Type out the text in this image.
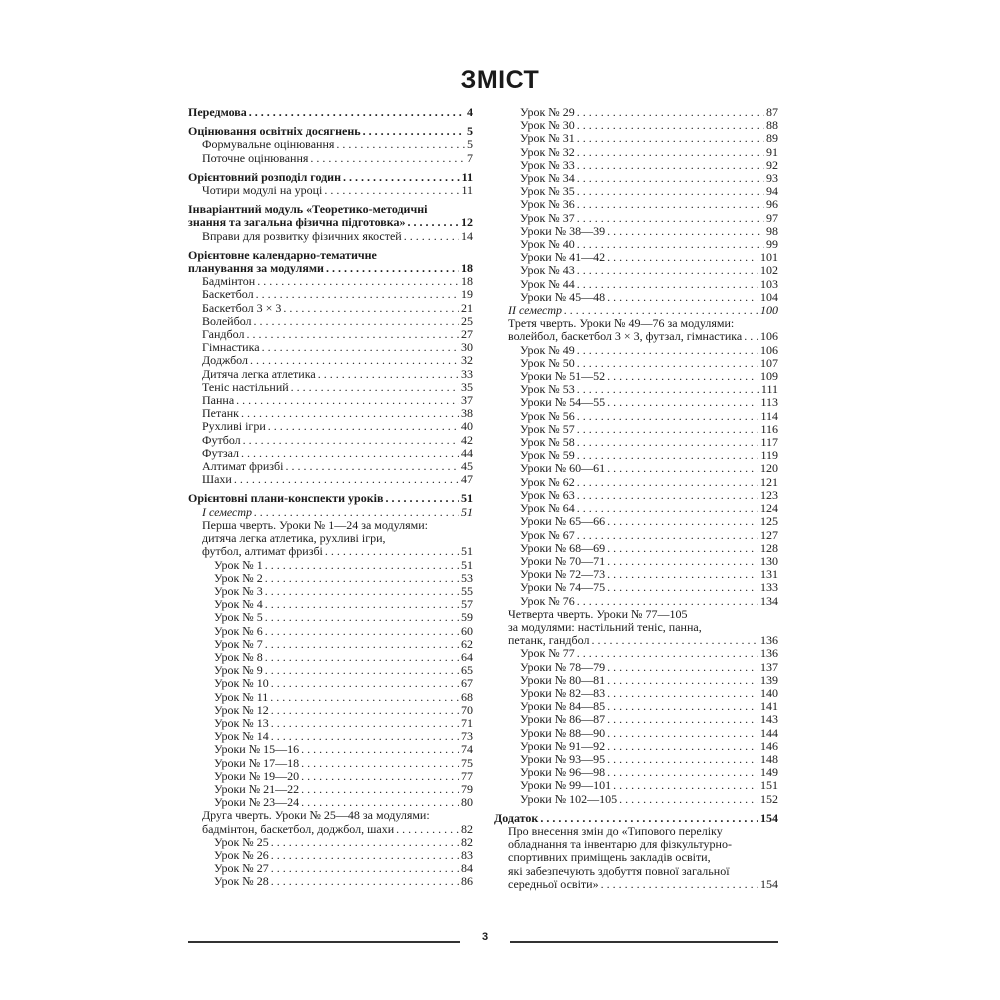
ЗМІСТ
Передмова . . .	4
Оцінювання освітніх досягнень . . .	5
Формувальне оцінювання . . .	5
Поточне оцінювання . . .	7
Орієнтовний розподіл годин . . .	11
Чотири модулі на уроці . . .	11
Інваріантний модуль «Теоретико-методичні
знання та загальна фізична підготовка» . . .	12
Вправи для розвитку фізичних якостей . . .	14
Орієнтовне календарно-тематичне
планування за модулями . . .	18
Бадмінтон . . .	18
Баскетбол . . .	19
Баскетбол 3 × 3 . . .	21
Волейбол . . .	25
Гандбол . . .	27
Гімнастика . . .	30
Доджбол . . .	32
Дитяча легка атлетика . . .	33
Теніс настільний . . .	35
Панна . . .	37
Петанк . . .	38
Рухливі ігри . . .	40
Футбол . . .	42
Футзал . . .	44
Алтимат фризбі . . .	45
Шахи . . .	47
Орієнтовні плани-конспекти уроків . . .	51
І семестр . . .	51
Перша чверть. Уроки № 1—24 за модулями:
дитяча легка атлетика, рухливі ігри,
футбол, алтимат фризбі . . .	51
Урок № 1 . . .	51
Урок № 2 . . .	53
Урок № 3 . . .	55
Урок № 4 . . .	57
Урок № 5 . . .	59
Урок № 6 . . .	60
Урок № 7 . . .	62
Урок № 8 . . .	64
Урок № 9 . . .	65
Урок № 10 . . .	67
Урок № 11 . . .	68
Урок № 12 . . .	70
Урок № 13 . . .	71
Урок № 14 . . .	73
Уроки № 15—16 . . .	74
Уроки № 17—18 . . .	75
Уроки № 19—20 . . .	77
Уроки № 21—22 . . .	79
Уроки № 23—24 . . .	80
Друга чверть. Уроки № 25—48 за модулями:
бадмінтон, баскетбол, доджбол, шахи . . .	82
Урок № 25 . . .	82
Урок № 26 . . .	83
Урок № 27 . . .	84
Урок № 28 . . .	86
Урок № 29 . . .	87
Урок № 30 . . .	88
Урок № 31 . . .	89
Урок № 32 . . .	91
Урок № 33 . . .	92
Урок № 34 . . .	93
Урок № 35 . . .	94
Урок № 36 . . .	96
Урок № 37 . . .	97
Уроки № 38—39 . . .	98
Урок № 40 . . .	99
Уроки № 41—42 . . .	101
Урок № 43 . . .	102
Урок № 44 . . .	103
Уроки № 45—48 . . .	104
ІІ семестр . . .	100
Третя чверть. Уроки № 49—76 за модулями:
волейбол, баскетбол 3 × 3, футзал, гімнастика . . . 106
Урок № 49 . . .	106
Урок № 50 . . .	107
Уроки № 51—52 . . .	109
Урок № 53 . . .	111
Уроки № 54—55 . . .	113
Урок № 56 . . .	114
Урок № 57 . . .	116
Урок № 58 . . .	117
Урок № 59 . . .	119
Уроки № 60—61 . . .	120
Урок № 62 . . .	121
Урок № 63 . . .	123
Урок № 64 . . .	124
Уроки № 65—66 . . .	125
Урок № 67 . . .	127
Уроки № 68—69 . . .	128
Уроки № 70—71 . . .	130
Уроки № 72—73 . . .	131
Уроки № 74—75 . . .	133
Урок № 76 . . .	134
Четверта чверть. Уроки № 77—105
за модулями: настільний теніс, панна,
петанк, гандбол . . .	136
Урок № 77 . . .	136
Уроки № 78—79 . . .	137
Уроки № 80—81 . . .	139
Уроки № 82—83 . . .	140
Уроки № 84—85 . . .	141
Уроки № 86—87 . . .	143
Уроки № 88—90 . . .	144
Уроки № 91—92 . . .	146
Уроки № 93—95 . . .	148
Уроки № 96—98 . . .	149
Уроки № 99—101 . . .	151
Уроки № 102—105 . . .	152
Додаток . . .	154
Про внесення змін до «Типового переліку
обладнання та інвентарю для фізкультурно-
спортивних приміщень закладів освіти,
які забезпечують здобуття повної загальної
середньої освіти» . . .	154
3
